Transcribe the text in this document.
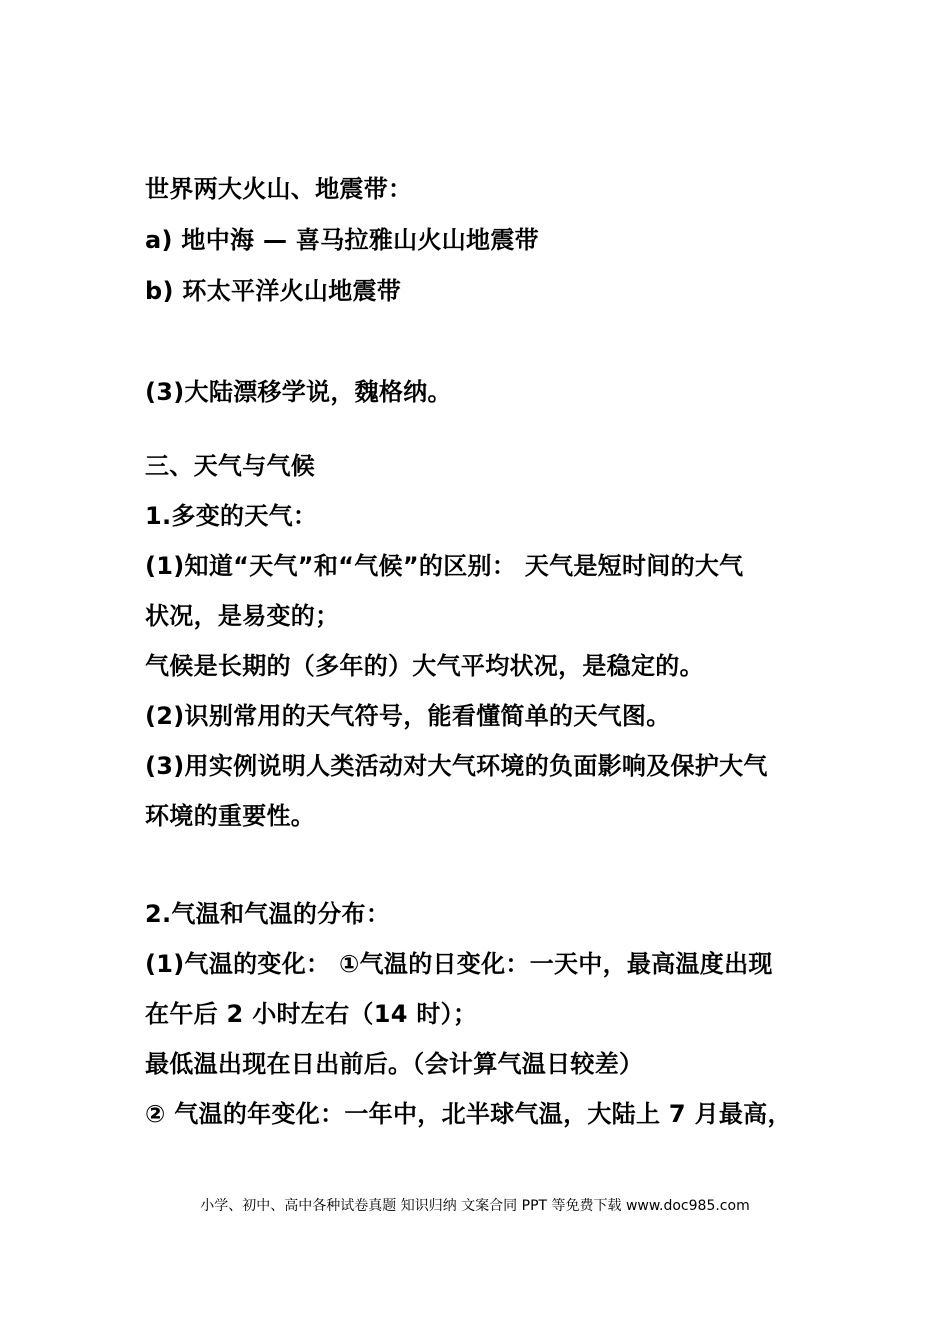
世界两大火山、地震带：
a) 地中海 — 喜马拉雅山火山地震带
b) 环太平洋火山地震带
(3)大陆漂移学说，魏格纳。
三、天气与气候
1.多变的天气：
(1)知道“天气”和“气候”的区别： 天气是短时间的大气
状况，是易变的；
气候是长期的（多年的）大气平均状况，是稳定的。
(2)识别常用的天气符号，能看懂简单的天气图。
(3)用实例说明人类活动对大气环境的负面影响及保护大气
环境的重要性。
2.气温和气温的分布：
(1)气温的变化： ①气温的日变化：一天中，最高温度出现
在午后 2 小时左右（14 时）；
最低温出现在日出前后。（会计算气温日较差）
② 气温的年变化：一年中，北半球气温，大陆上 7 月最高，
小学、初中、高中各种试卷真题 知识归纳 文案合同 PPT 等免费下载 www.doc985.com
